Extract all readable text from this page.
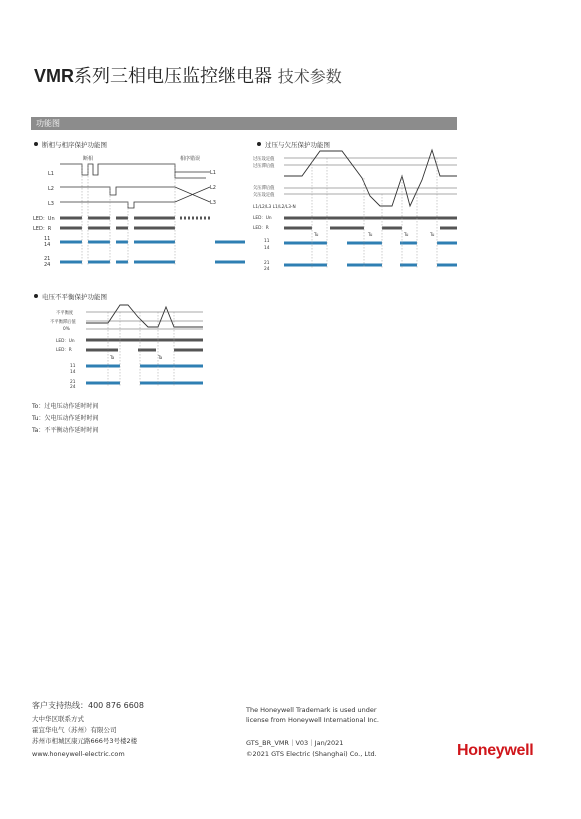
VMR系列三相电压监控继电器 技术参数
功能图
断相与相序保护功能图
断相	相序错误
L1
L2
L3
LED：Un
LED：R
11
14
21
24
L1
L2
L3
过压与欠压保护功能图
过压设定值
过压滞后值
欠压滞后值
欠压设定值
L1/L2/L3 L1/L2/L3-N
LED：Un
LED：R
11
14
21
24
Tu	Tu	Tu	Tu
电压不平衡保护功能图
不平衡度
不平衡滞后值
0%
LED：Un
LED：R
11
14
21
24
Ta	Ta
To：过电压动作延时时间
Tu：欠电压动作延时时间
Ta：不平衡动作延时时间
客户支持热线：400 876 6608
大中华区联系方式
霍宜华电气（苏州）有限公司
苏州市相城区康元路666号3号楼2楼
www.honeywell-electric.com
The Honeywell Trademark is used under
license from Honeywell International Inc.
GTS_BR_VMR｜V03｜Jan/2021
©2021 GTS Electric (Shanghai) Co., Ltd.	Honeywell
